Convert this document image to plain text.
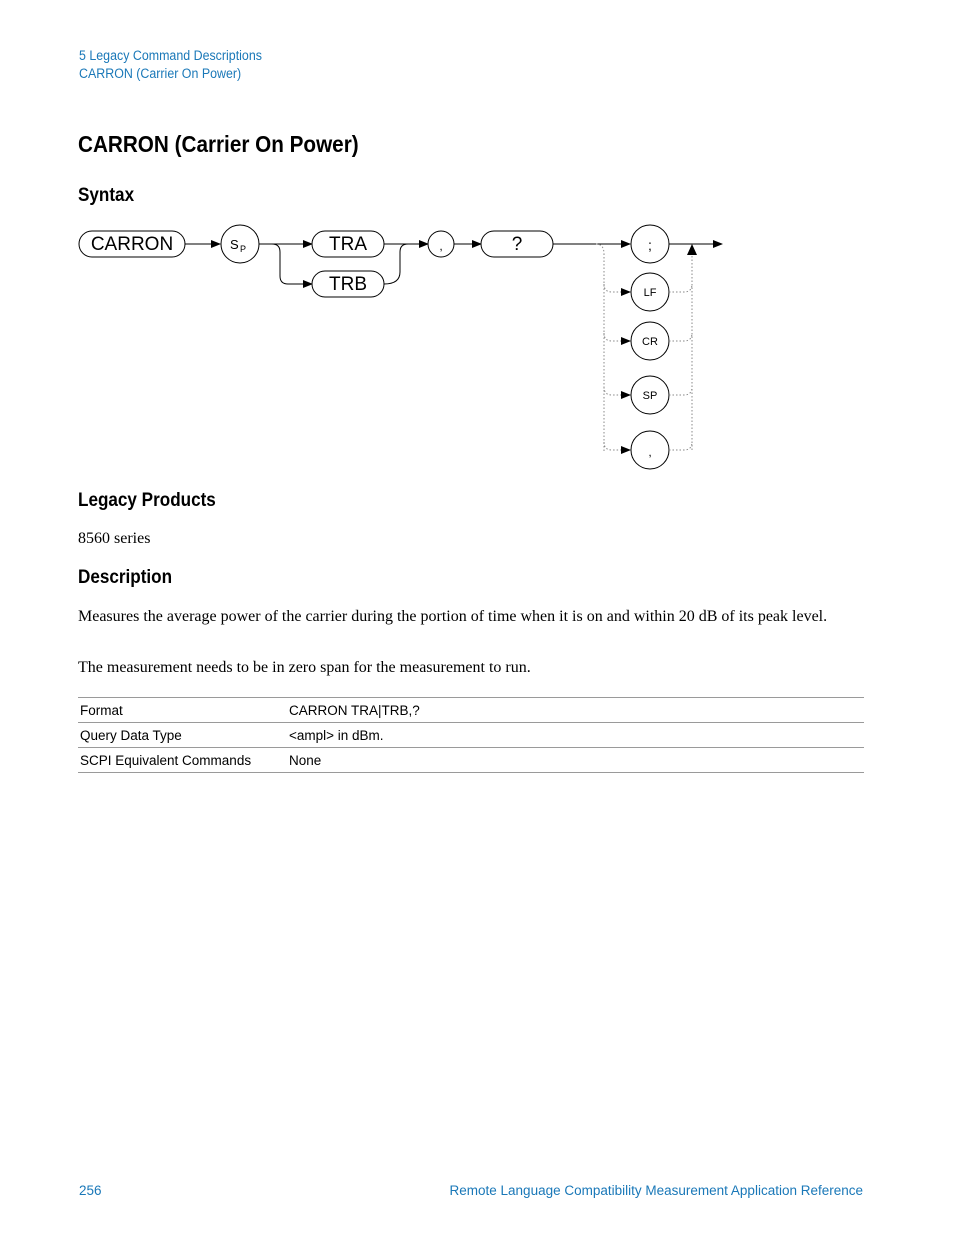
5 Legacy Command Descriptions
CARRON (Carrier On Power)
CARRON (Carrier On Power)
Syntax
CARRON	S P	TRA
TRB
,	?	;
LF
CR
SP
,
Legacy Products

8560 series

Description

Measures the average power of the carrier during the portion of time when it is on and within 20 dB of its peak level.

The measurement needs to be in zero span for the measurement to run.

Format	CARRON TRA|TRB,?
Query Data Type	<ampl> in dBm.
SCPI Equivalent Commands	None
256	Remote Language Compatibility Measurement Application Reference
